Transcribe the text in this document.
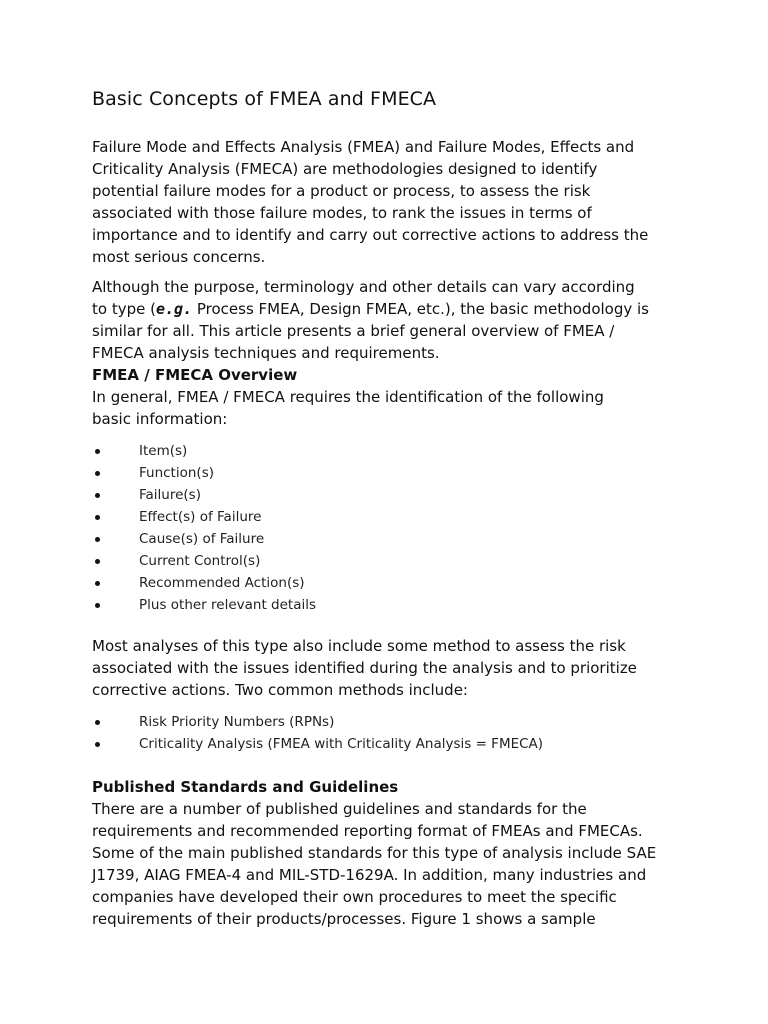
Basic Concepts of FMEA and FMECA

Failure Mode and Effects Analysis (FMEA) and Failure Modes, Effects and
Criticality Analysis (FMECA) are methodologies designed to identify
potential failure modes for a product or process, to assess the risk
associated with those failure modes, to rank the issues in terms of
importance and to identify and carry out corrective actions to address the
most serious concerns.

Although the purpose, terminology and other details can vary according
to type (e.g. Process FMEA, Design FMEA, etc.), the basic methodology is
similar for all. This article presents a brief general overview of FMEA /
FMECA analysis techniques and requirements.

FMEA / FMECA Overview

In general, FMEA / FMECA requires the identification of the following
basic information:

Item(s)
Function(s)
Failure(s)
Effect(s) of Failure
Cause(s) of Failure
Current Control(s)
Recommended Action(s)
Plus other relevant details

Most analyses of this type also include some method to assess the risk
associated with the issues identified during the analysis and to prioritize
corrective actions. Two common methods include:

Risk Priority Numbers (RPNs)
Criticality Analysis (FMEA with Criticality Analysis = FMECA)
Published Standards and Guidelines

There are a number of published guidelines and standards for the
requirements and recommended reporting format of FMEAs and FMECAs.
Some of the main published standards for this type of analysis include SAE
J1739, AIAG FMEA-4 and MIL-STD-1629A. In addition, many industries and
companies have developed their own procedures to meet the specific
requirements of their products/processes. Figure 1 shows a sample
